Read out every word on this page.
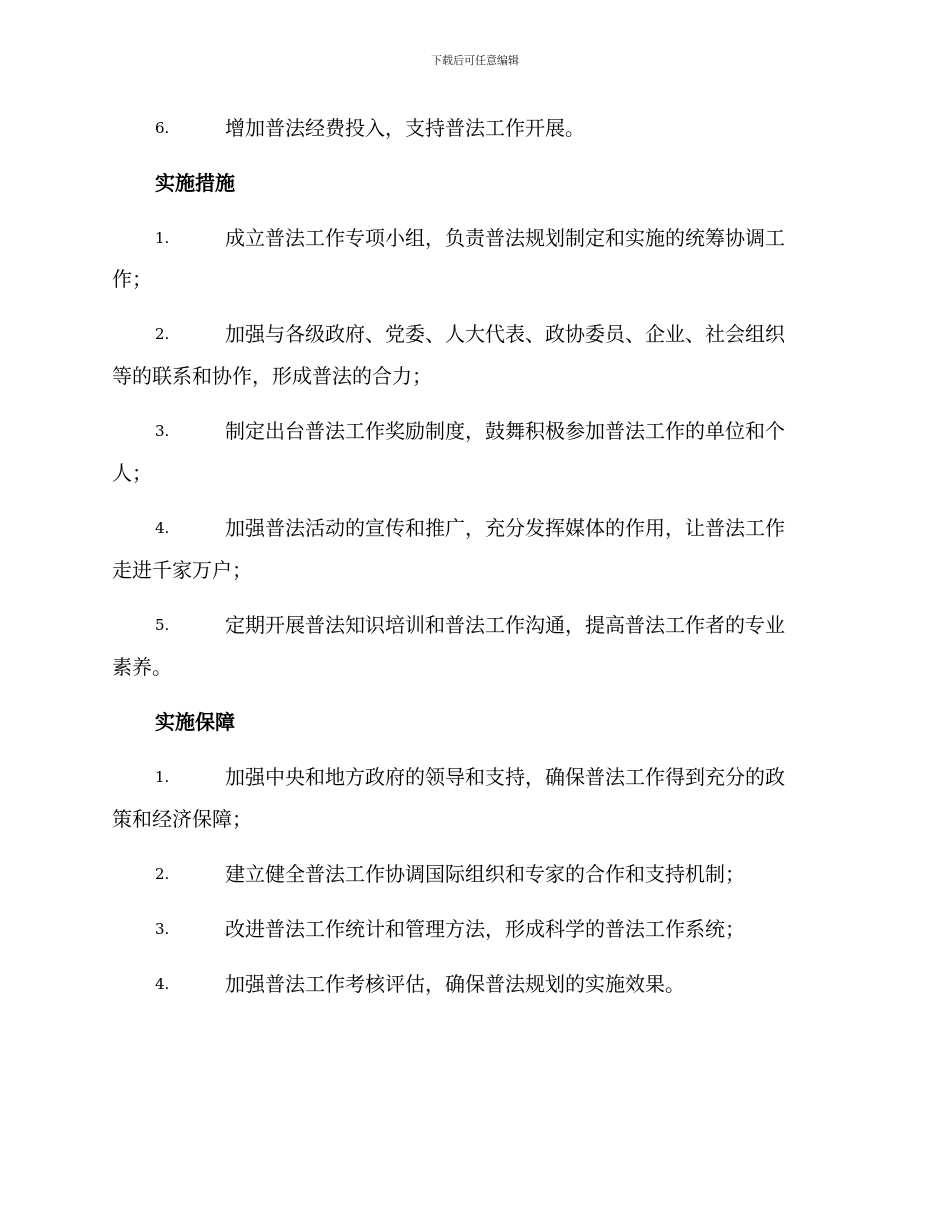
下载后可任意编辑
6.	增加普法经费投入，支持普法工作开展。
实施措施
1.	成立普法工作专项小组，负责普法规划制定和实施的统筹协调工
作；
2.	加强与各级政府、党委、人大代表、政协委员、企业、社会组织
等的联系和协作，形成普法的合力；
3.	制定出台普法工作奖励制度，鼓舞积极参加普法工作的单位和个
人；
4.	加强普法活动的宣传和推广，充分发挥媒体的作用，让普法工作
走进千家万户；
5.	定期开展普法知识培训和普法工作沟通，提高普法工作者的专业
素养。
实施保障
1.	加强中央和地方政府的领导和支持，确保普法工作得到充分的政
策和经济保障；
2.	建立健全普法工作协调国际组织和专家的合作和支持机制；
3.	改进普法工作统计和管理方法，形成科学的普法工作系统；
4.	加强普法工作考核评估，确保普法规划的实施效果。
